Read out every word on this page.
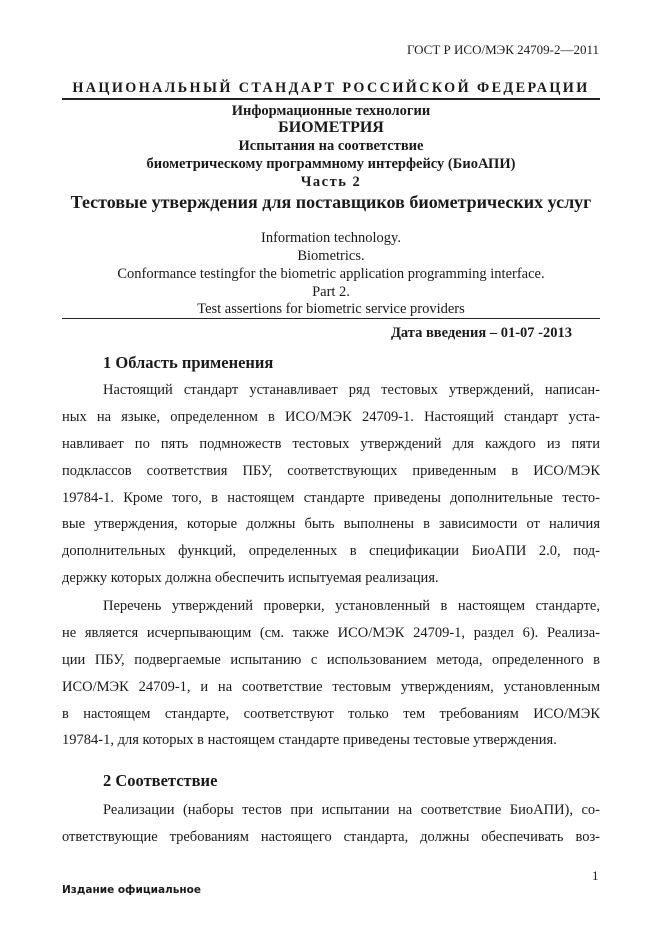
ГОСТ Р ИСО/МЭК 24709-2—2011
НАЦИОНАЛЬНЫЙ СТАНДАРТ РОССИЙСКОЙ ФЕДЕРАЦИИ
Информационные технологии
БИОМЕТРИЯ
Испытания на соответствие
биометрическому программному интерфейсу (БиоАПИ)
Часть 2
Тестовые утверждения для поставщиков биометрических услуг
Information technology.
Biometrics.
Conformance testingfor the biometric application programming interface.
Part 2.
Test assertions for biometric service providers
Дата введения – 01-07 -2013
1 Область применения
Настоящий стандарт устанавливает ряд тестовых утверждений, написан-
ных на языке, определенном в ИСО/МЭК 24709-1. Настоящий стандарт уста-
навливает по пять подмножеств тестовых утверждений для каждого из пяти
подклассов соответствия ПБУ, соответствующих приведенным в ИСО/МЭК
19784-1. Кроме того, в настоящем стандарте приведены дополнительные тесто-
вые утверждения, которые должны быть выполнены в зависимости от наличия
дополнительных функций, определенных в спецификации БиоАПИ 2.0, под-
держку которых должна обеспечить испытуемая реализация.
Перечень утверждений проверки, установленный в настоящем стандарте,
не является исчерпывающим (см. также ИСО/МЭК 24709-1, раздел 6). Реализа-
ции ПБУ, подвергаемые испытанию с использованием метода, определенного в
ИСО/МЭК 24709-1, и на соответствие тестовым утверждениям, установленным
в настоящем стандарте, соответствуют только тем требованиям ИСО/МЭК
19784-1, для которых в настоящем стандарте приведены тестовые утверждения.
2 Соответствие
Реализации (наборы тестов при испытании на соответствие БиоАПИ), со-
ответствующие требованиям настоящего стандарта, должны обеспечивать воз-
1
Издание официальное
